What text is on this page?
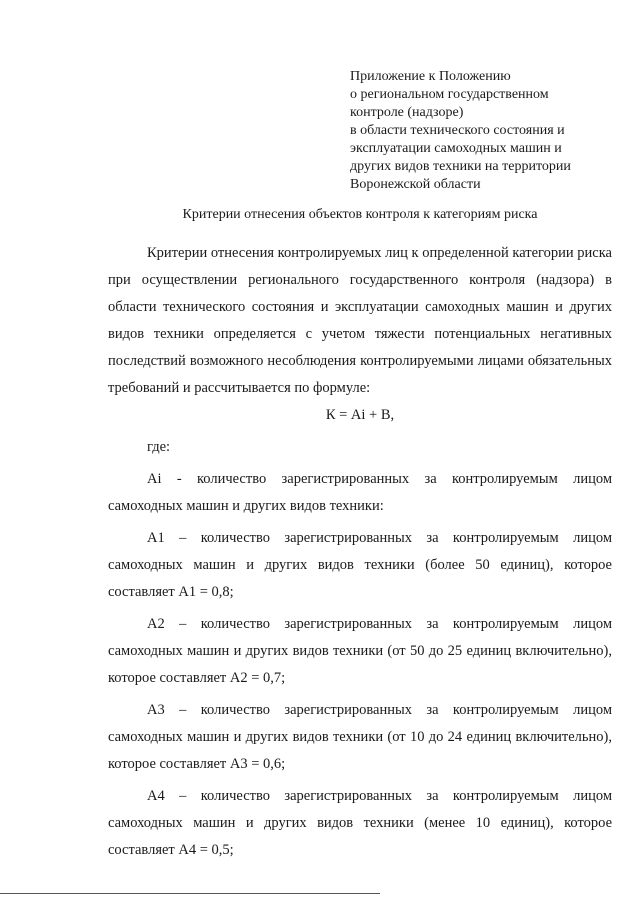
Приложение к Положению
о региональном государственном
контроле (надзоре)
в области технического состояния и
эксплуатации самоходных машин и
других видов техники на территории
Воронежской области
Критерии отнесения объектов контроля к категориям риска

Критерии отнесения контролируемых лиц к определенной категории риска при осуществлении регионального государственного контроля (надзора) в области технического состояния и эксплуатации самоходных машин и других видов техники определяется с учетом тяжести потенциальных негативных последствий возможного несоблюдения контролируемыми лицами обязательных требований и рассчитывается по формуле:

К = Ai + B,

где:

Ai - количество зарегистрированных за контролируемым лицом самоходных машин и других видов техники:

А1 – количество зарегистрированных за контролируемым лицом самоходных машин и других видов техники (более 50 единиц), которое составляет А1 = 0,8;

А2 – количество зарегистрированных за контролируемым лицом самоходных машин и других видов техники (от 50 до 25 единиц включительно), которое составляет А2 = 0,7;

А3 – количество зарегистрированных за контролируемым лицом самоходных машин и других видов техники (от 10 до 24 единиц включительно), которое составляет А3 = 0,6;

А4 – количество зарегистрированных за контролируемым лицом самоходных машин и других видов техники (менее 10 единиц), которое составляет А4 = 0,5;
